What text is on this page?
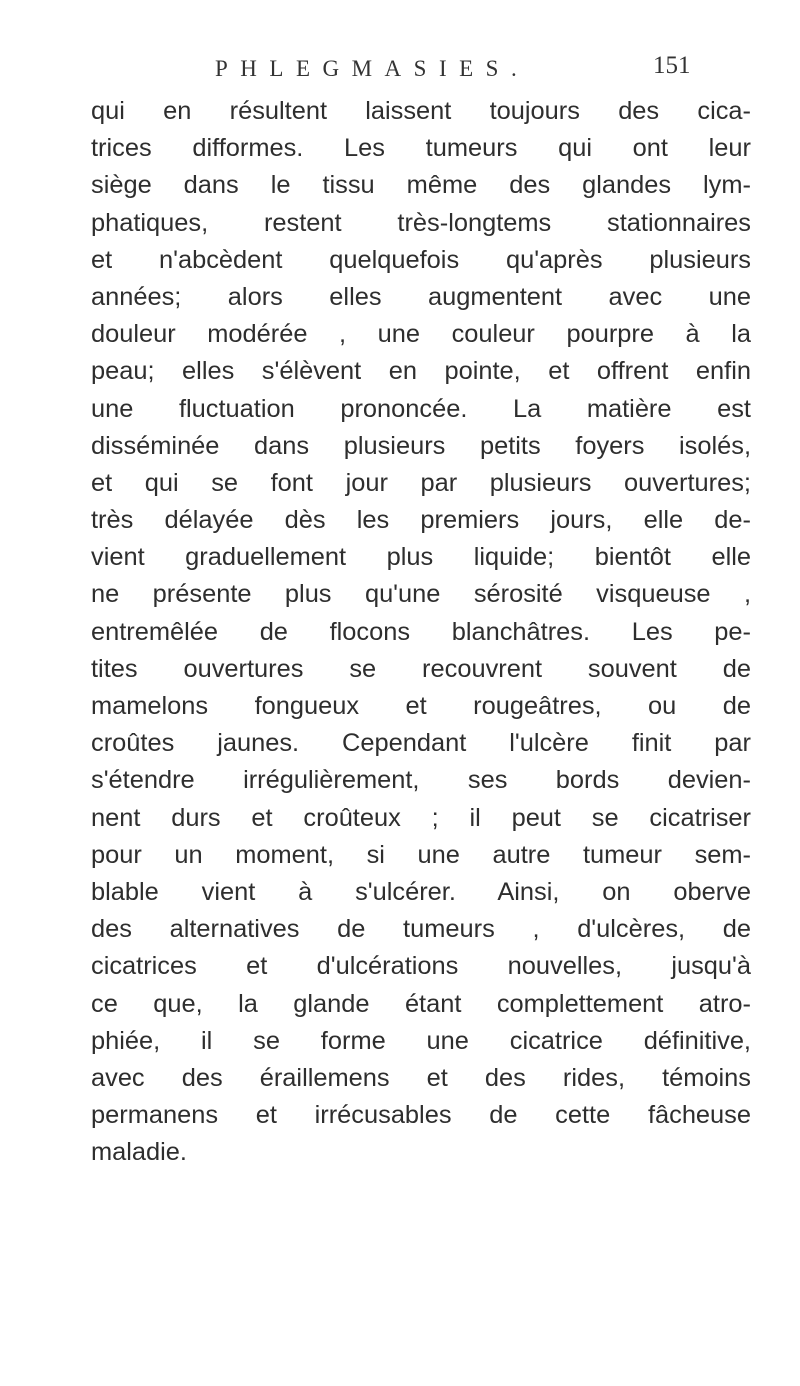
PHLEGMASIES.	151
qui en résultent laissent toujours des cica-
trices difformes. Les tumeurs qui ont leur
siège dans le tissu même des glandes lym-
phatiques, restent très-longtems stationnaires
et n'abcèdent quelquefois qu'après plusieurs
années; alors elles augmentent avec une
douleur modérée , une couleur pourpre à la
peau; elles s'élèvent en pointe, et offrent enfin
une fluctuation prononcée. La matière est
disséminée dans plusieurs petits foyers isolés,
et qui se font jour par plusieurs ouvertures;
très délayée dès les premiers jours, elle de-
vient graduellement plus liquide; bientôt elle
ne présente plus qu'une sérosité visqueuse ,
entremêlée de flocons blanchâtres. Les pe-
tites ouvertures se recouvrent souvent de
mamelons fongueux et rougeâtres, ou de
croûtes jaunes. Cependant l'ulcère finit par
s'étendre irrégulièrement, ses bords devien-
nent durs et croûteux ; il peut se cicatriser
pour un moment, si une autre tumeur sem-
blable vient à s'ulcérer. Ainsi, on oberve
des alternatives de tumeurs , d'ulcères, de
cicatrices et d'ulcérations nouvelles, jusqu'à
ce que, la glande étant complettement atro-
phiée, il se forme une cicatrice définitive,
avec des éraillemens et des rides, témoins
permanens et irrécusables de cette fâcheuse
maladie.
